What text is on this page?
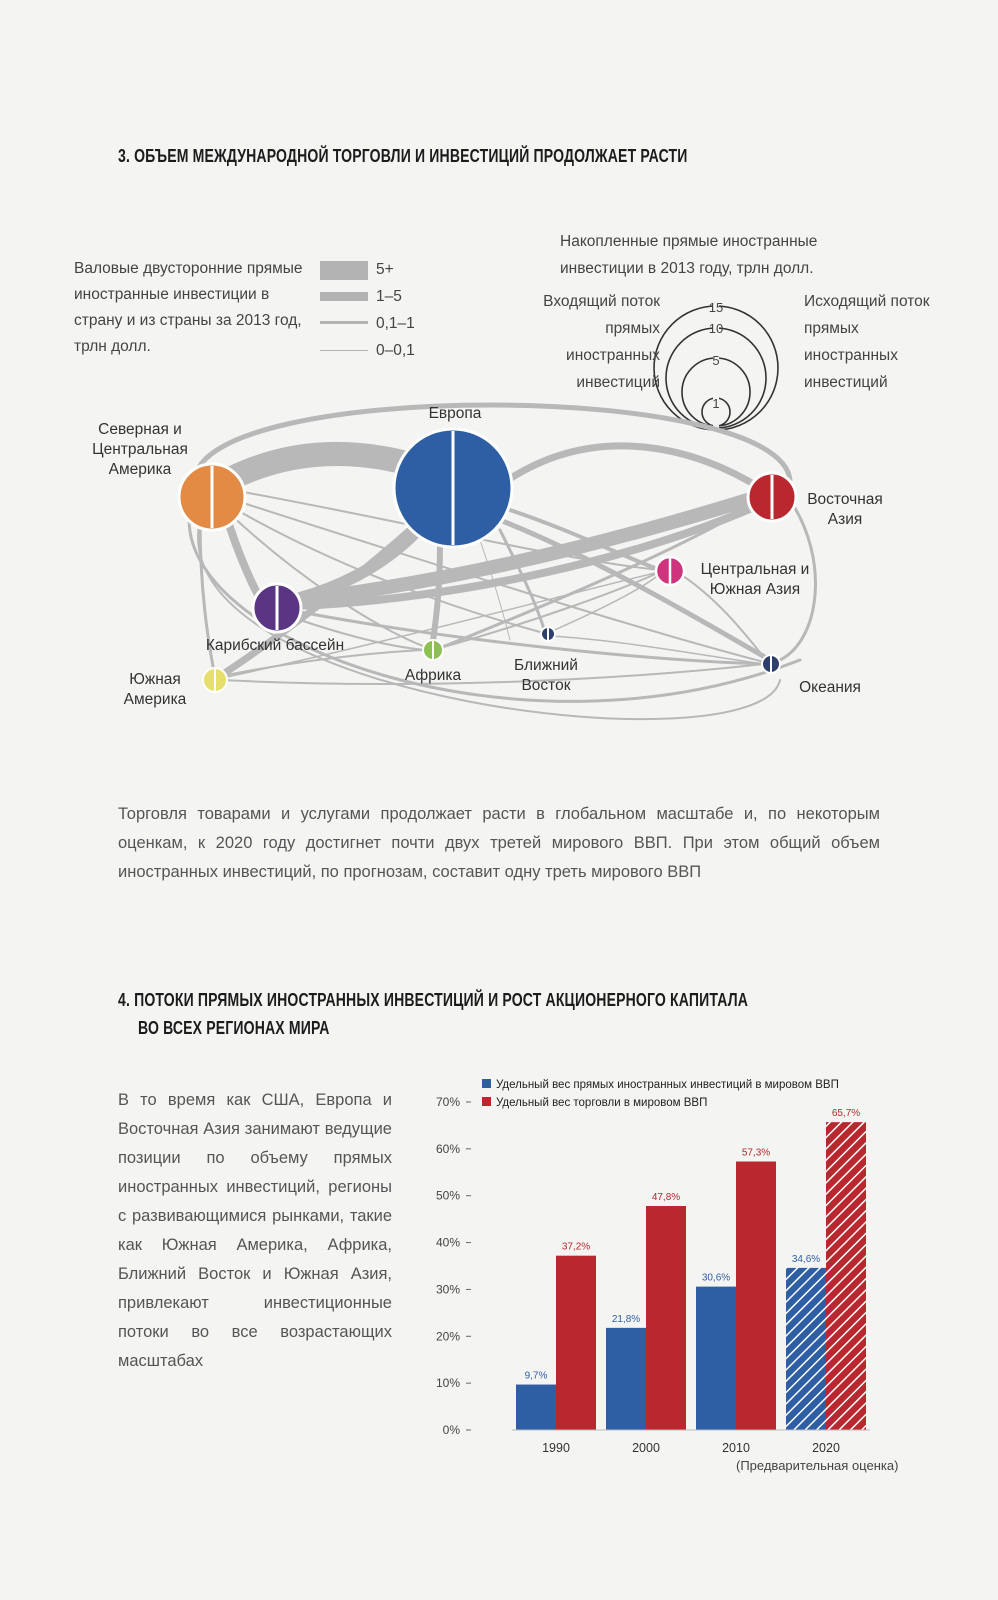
3. ОБЪЕМ МЕЖДУНАРОДНОЙ ТОРГОВЛИ И ИНВЕСТИЦИЙ ПРОДОЛЖАЕТ РАСТИ
Валовые двусторонние прямые иностранные инвестиции в страну и из страны за 2013 год, трлн долл.
15
10
5
1
5+
1–5
0,1–1
0–0,1
Накопленные прямые иностранные инвестиции в 2013 году, трлн долл.
Входящий поток прямых иностранных инвестиций
Исходящий поток прямых иностранных инвестиций
Северная и Центральная Америка
Европа
Восточная Азия
Центральная и Южная Азия
Карибский бассейн
Африка
Ближний Восток
Южная Америка
Океания
Торговля товарами и услугами продолжает расти в глобальном масштабе и, по некоторым оценкам, к 2020 году достигнет почти двух третей мирового ВВП. При этом общий объем иностранных инвестиций, по прогнозам, составит одну треть мирового ВВП
4. ПОТОКИ ПРЯМЫХ ИНОСТРАННЫХ ИНВЕСТИЦИЙ И РОСТ АКЦИОНЕРНОГО КАПИТАЛА
ВО ВСЕХ РЕГИОНАХ МИРА
В то время как США, Европа и Восточная Азия занимают ведущие позиции по объему прямых иностранных инвестиций, регионы с развивающимися рынками, такие как Южная Америка, Африка, Ближний Восток и Южная Азия, привлекают инвестиционные потоки во все возрастающих масштабах
Удельный вес прямых иностранных инвестиций в мировом ВВП
Удельный вес торговли в мировом ВВП
0%
10%
20%
30%
40%
50%
60%
70%
9,7%
37,2%
21,8%
47,8%
30,6%
57,3%
34,6%
65,7%
1990	2000	2010	2020
(Предварительная оценка)
